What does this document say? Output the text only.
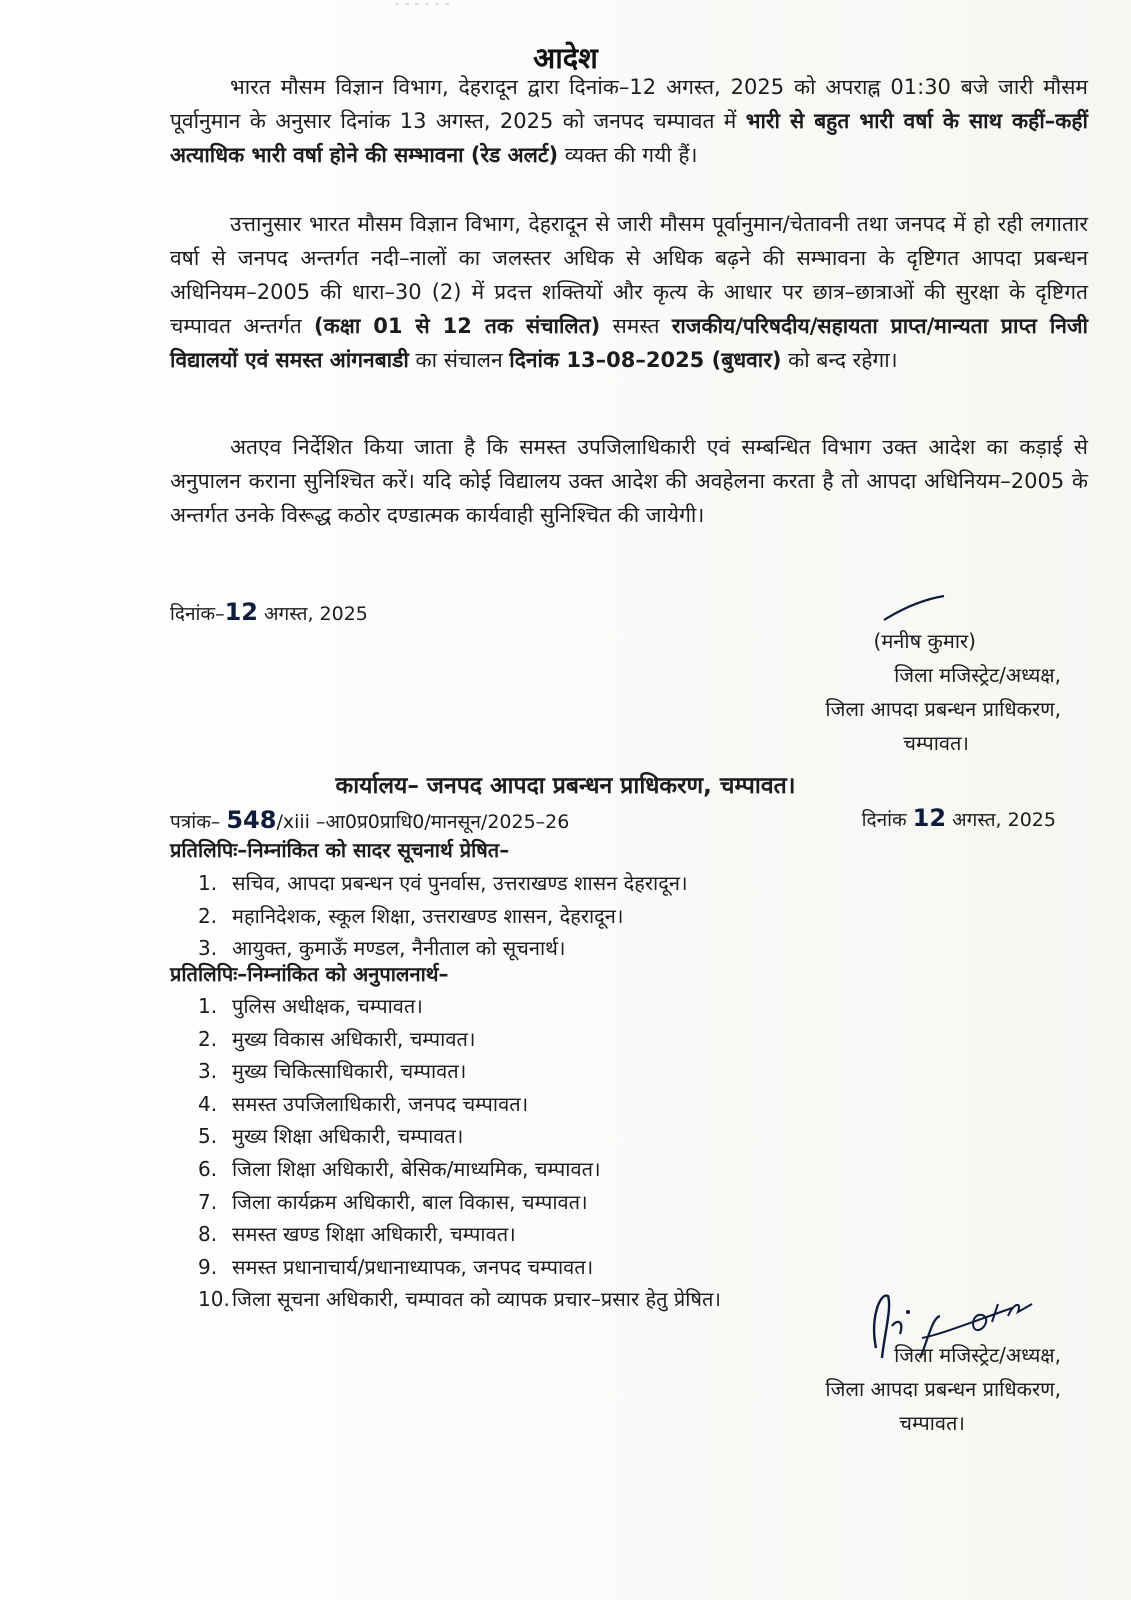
आदेश

भारत मौसम विज्ञान विभाग, देहरादून द्वारा दिनांक–12 अगस्त, 2025 को अपराह्न 01:30 बजे जारी मौसम पूर्वानुमान के अनुसार दिनांक 13 अगस्त, 2025 को जनपद चम्पावत में भारी से बहुत भारी वर्षा के साथ कहीं–कहीं अत्याधिक भारी वर्षा होने की सम्भावना (रेड अलर्ट) व्यक्त की गयी हैं।

उत्तानुसार भारत मौसम विज्ञान विभाग, देहरादून से जारी मौसम पूर्वानुमान/चेतावनी तथा जनपद में हो रही लगातार वर्षा से जनपद अन्तर्गत नदी–नालों का जलस्तर अधिक से अधिक बढ़ने की सम्भावना के दृष्टिगत आपदा प्रबन्धन अधिनियम–2005 की धारा–30 (2) में प्रदत्त शक्तियों और कृत्य के आधार पर छात्र–छात्राओं की सुरक्षा के दृष्टिगत चम्पावत अन्तर्गत (कक्षा 01 से 12 तक संचालित) समस्त राजकीय/परिषदीय/सहायता प्राप्त/मान्यता प्राप्त निजी विद्यालयों एवं समस्त आंगनबाडी का संचालन दिनांक 13–08–2025 (बुधवार) को बन्द रहेगा।

अतएव निर्देशित किया जाता है कि समस्त उपजिलाधिकारी एवं सम्बन्धित विभाग उक्त आदेश का कड़ाई से अनुपालन कराना सुनिश्चित करें। यदि कोई विद्यालय उक्त आदेश की अवहेलना करता है तो आपदा अधिनियम–2005 के अन्तर्गत उनके विरूद्ध कठोर दण्डात्मक कार्यवाही सुनिश्चित की जायेगी।

दिनांक–12 अगस्त, 2025
(मनीष कुमार)
जिला मजिस्ट्रेट/अध्यक्ष,
जिला आपदा प्रबन्धन प्राधिकरण,
चम्पावत।
कार्यालय– जनपद आपदा प्रबन्धन प्राधिकरण, चम्पावत।
पत्रांक– 548/xiii –आ0प्र0प्राधि0/मानसून/2025–26	दिनांक 12 अगस्त, 2025
प्रतिलिपिः–निम्नांकित को सादर सूचनार्थ प्रेषित–
1. सचिव, आपदा प्रबन्धन एवं पुनर्वास, उत्तराखण्ड शासन देहरादून।
2. महानिदेशक, स्कूल शिक्षा, उत्तराखण्ड शासन, देहरादून।
3. आयुक्त, कुमाऊँ मण्डल, नैनीताल को सूचनार्थ।
प्रतिलिपिः–निम्नांकित को अनुपालनार्थ–
1. पुलिस अधीक्षक, चम्पावत।
2. मुख्य विकास अधिकारी, चम्पावत।
3. मुख्य चिकित्साधिकारी, चम्पावत।
4. समस्त उपजिलाधिकारी, जनपद चम्पावत।
5. मुख्य शिक्षा अधिकारी, चम्पावत।
6. जिला शिक्षा अधिकारी, बेसिक/माध्यमिक, चम्पावत।
7. जिला कार्यक्रम अधिकारी, बाल विकास, चम्पावत।
8. समस्त खण्ड शिक्षा अधिकारी, चम्पावत।
9. समस्त प्रधानाचार्य/प्रधानाध्यापक, जनपद चम्पावत।
10. जिला सूचना अधिकारी, चम्पावत को व्यापक प्रचार–प्रसार हेतु प्रेषित।
जिला मजिस्ट्रेट/अध्यक्ष,
जिला आपदा प्रबन्धन प्राधिकरण,
चम्पावत।
